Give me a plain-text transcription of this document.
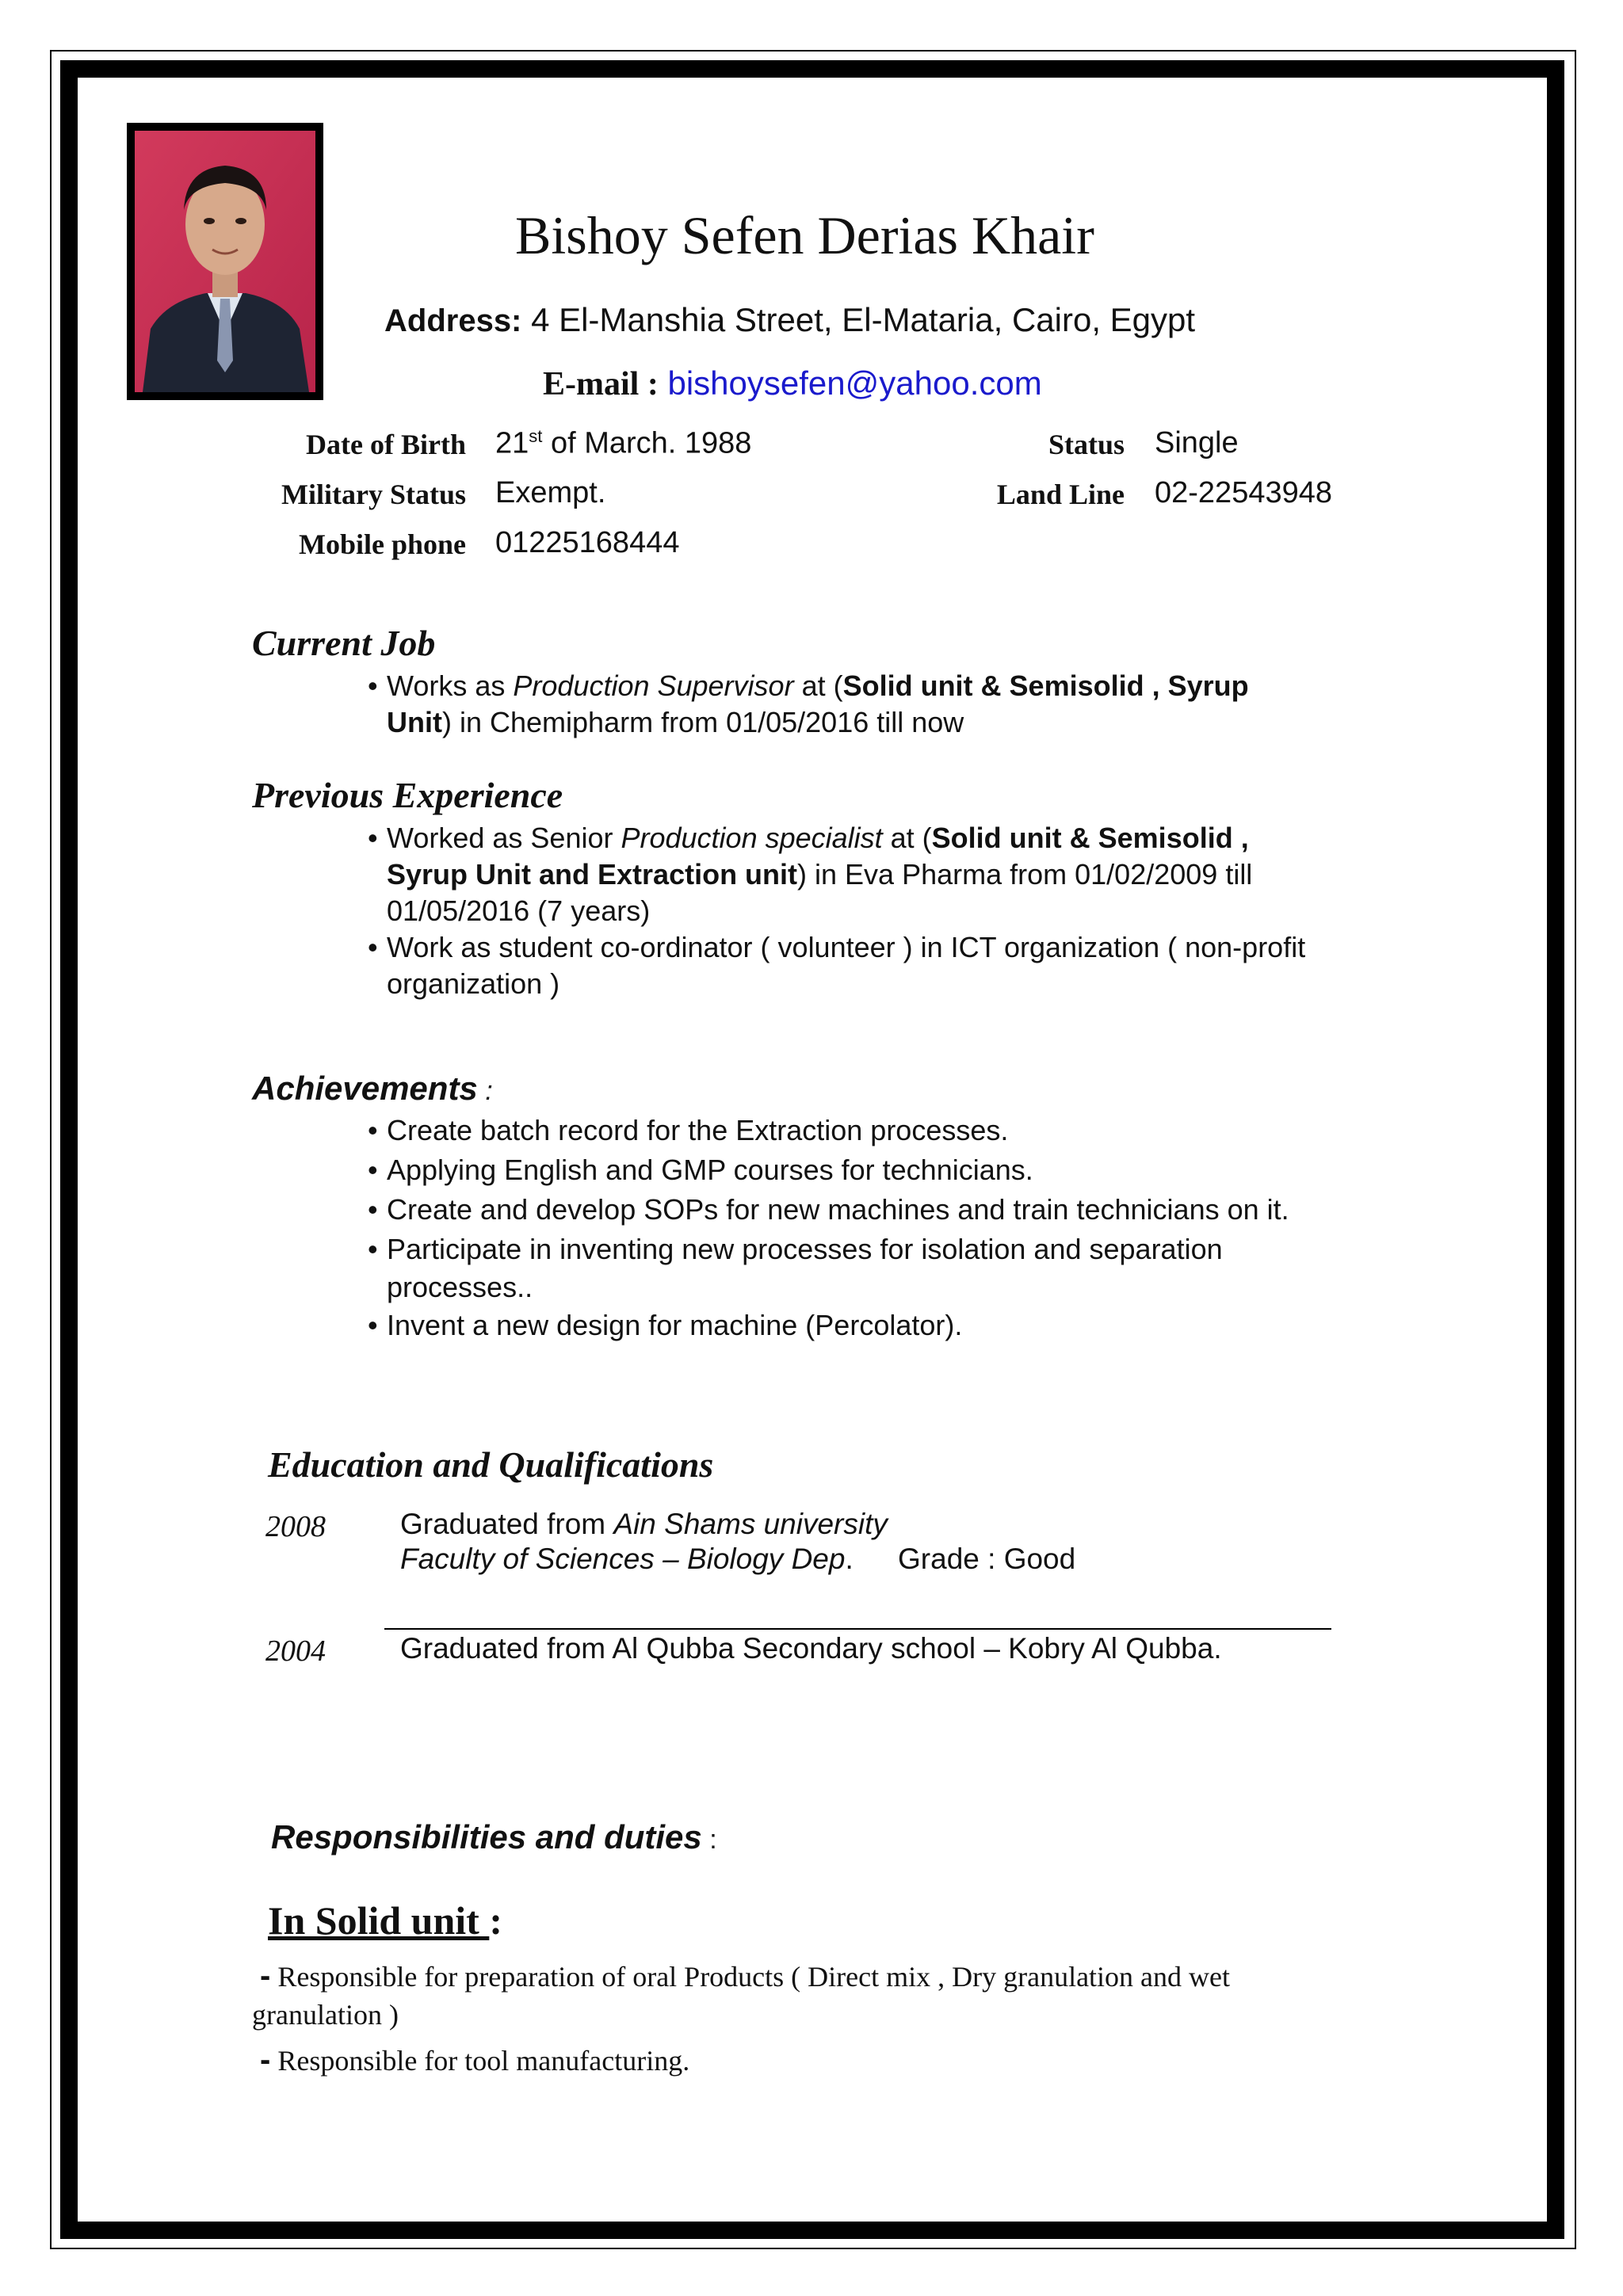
Bishoy Sefen Derias Khair
Address: 4 El-Manshia Street, El-Mataria, Cairo, Egypt
E-mail : bishoysefen@yahoo.com
Date of Birth 21st of March. 1988	Status Single
Military Status Exempt.	Land Line 02-22543948
Mobile phone 01225168444
Current Job

• Works as Production Supervisor at (Solid unit & Semisolid , Syrup
Unit) in Chemipharm from 01/05/2016 till now

Previous Experience

• Worked as Senior Production specialist at (Solid unit & Semisolid ,
Syrup Unit and Extraction unit) in Eva Pharma from 01/02/2009 till
01/05/2016 (7 years)

• Work as student co-ordinator ( volunteer ) in ICT organization ( non-profit
organization )

Achievements :

• Create batch record for the Extraction processes.

• Applying English and GMP courses for technicians.

• Create and develop SOPs for new machines and train technicians on it.

• Participate in inventing new processes for isolation and separation
processes..

• Invent a new design for machine (Percolator).

Education and Qualifications
2008	Graduated from Ain Shams university
Faculty of Sciences – Biology Dep. Grade : Good
2004	Graduated from Al Qubba Secondary school – Kobry Al Qubba.
Responsibilities and duties :
In Solid unit :
- Responsible for preparation of oral Products ( Direct mix , Dry granulation and wet
granulation )
- Responsible for tool manufacturing.
